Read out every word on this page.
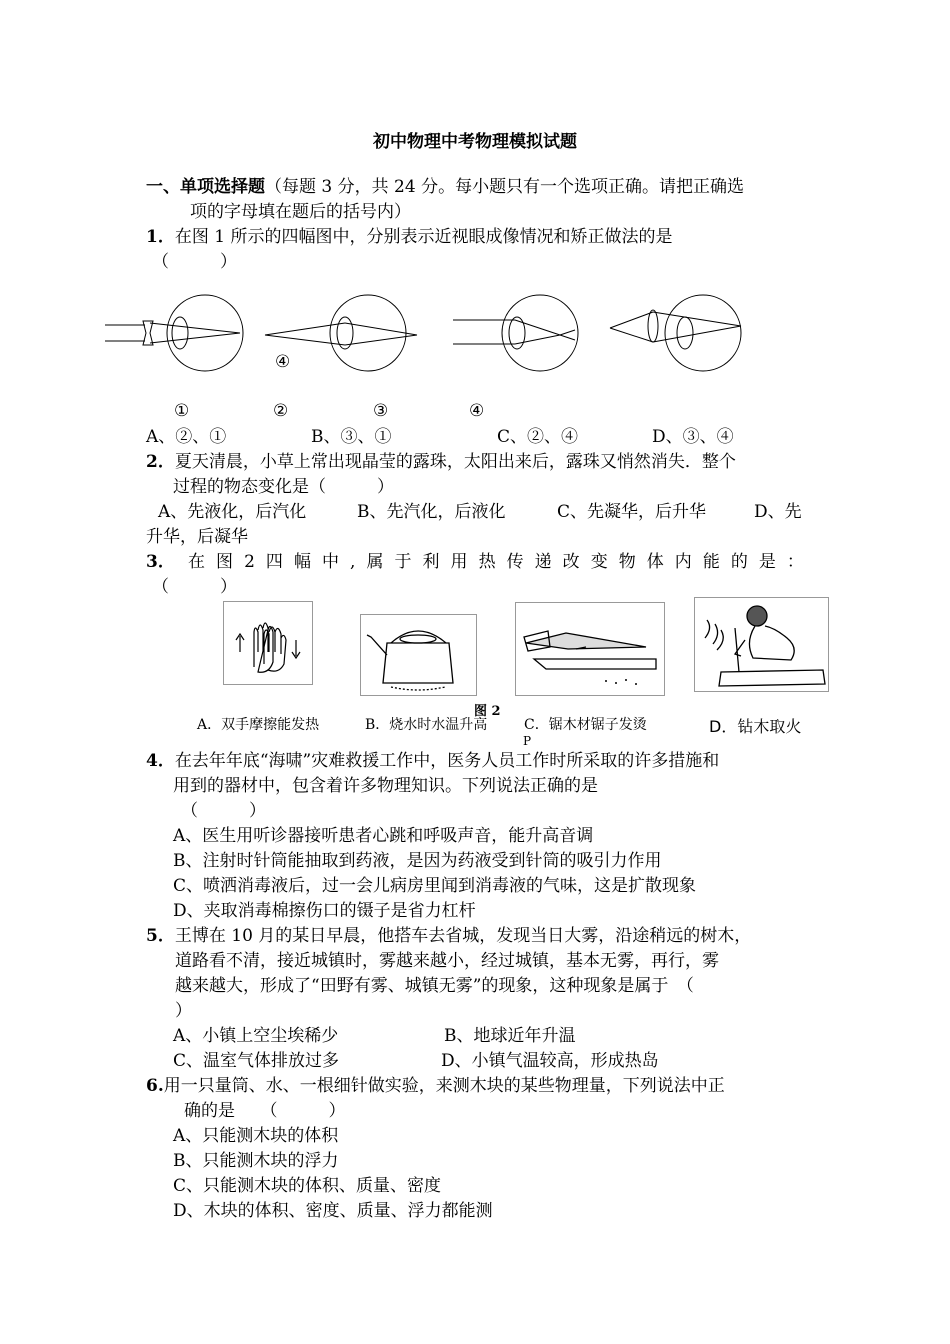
初中物理中考物理模拟试题
一、单项选择题（每题 3 分，共 24 分。每小题只有一个选项正确。请把正确选
项的字母填在题后的括号内）
1．在图 1 所示的四幅图中，分别表示近视眼成像情况和矫正做法的是
（　　　）
④
①	②	③	④
A、②、①	B、③、①	C、②、④	D、③、④
2．夏天清晨，小草上常出现晶莹的露珠，太阳出来后，露珠又悄然消失．整个
过程的物态变化是（　　　）
A、先液化，后汽化	B、先汽化，后液化	C、先凝华，后升华	D、先
升华，后凝华
3． 在 图 2 四 幅 中 , 属 于 利 用 热 传 递 改 变 物 体 内 能 的 是 ：
（　　　）
图 2
A．双手摩擦能发热	B．烧水时水温升高	C．锯木材锯子发烫	D．钻木取火
P
4．在去年年底“海啸”灾难救援工作中，医务人员工作时所采取的许多措施和
用到的器材中，包含着许多物理知识。下列说法正确的是
（　　　）
A、医生用听诊器接听患者心跳和呼吸声音，能升高音调
B、注射时针筒能抽取到药液，是因为药液受到针筒的吸引力作用
C、喷洒消毒液后，过一会儿病房里闻到消毒液的气味，这是扩散现象
D、夹取消毒棉擦伤口的镊子是省力杠杆
5．王博在 10 月的某日早晨，他搭车去省城，发现当日大雾，沿途稍远的树木，
道路看不清，接近城镇时，雾越来越小，经过城镇，基本无雾，再行，雾
越来越大，形成了“田野有雾、城镇无雾”的现象，这种现象是属于　（
）
A、小镇上空尘埃稀少	B、地球近年升温
C、温室气体排放过多	D、小镇气温较高，形成热岛
6.用一只量筒、水、一根细针做实验，来测木块的某些物理量，下列说法中正
确的是　　（　　　）
A、只能测木块的体积
B、只能测木块的浮力
C、只能测木块的体积、质量、密度
D、木块的体积、密度、质量、浮力都能测
